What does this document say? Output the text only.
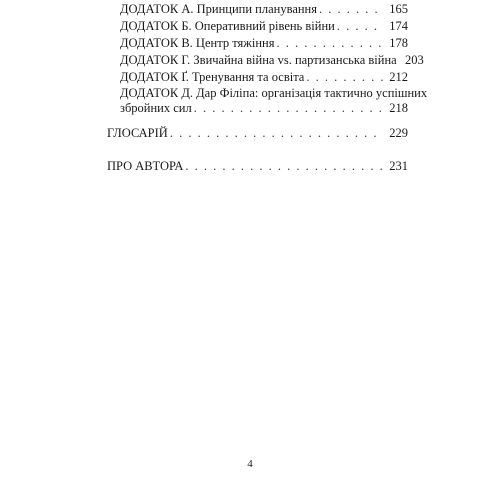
ДОДАТОК А. Принципи планування . . .	165
ДОДАТОК Б. Оперативний рівень війни . . .	174
ДОДАТОК В. Центр тяжіння . . .	178
ДОДАТОК Г. Звичайна війна vs. партизанська війна 203
ДОДАТОК Ґ. Тренування та освіта . . .	212
ДОДАТОК Д. Дар Філіпа: організація тактично успішних
збройних сил . . .	218
ГЛОСАРІЙ . . .	229
ПРО АВТОРА . . .	231
4
